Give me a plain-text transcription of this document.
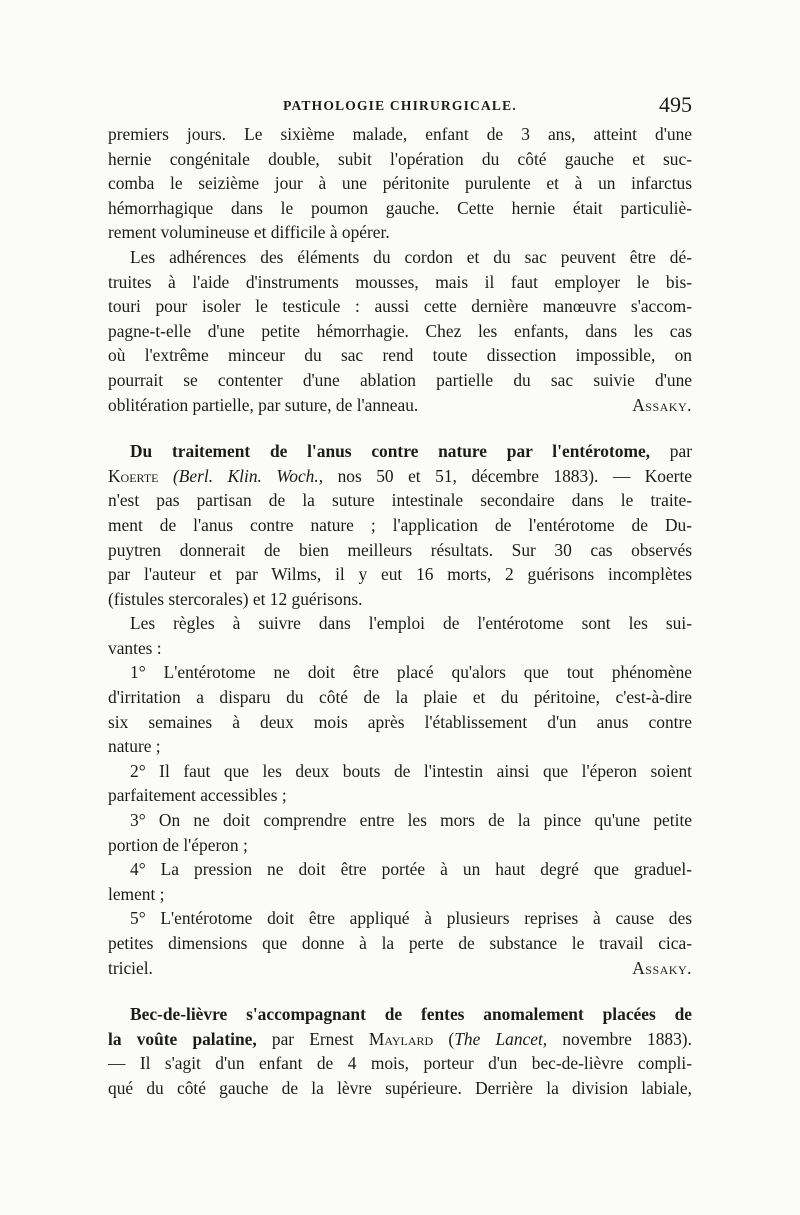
PATHOLOGIE CHIRURGICALE.	495
premiers jours. Le sixième malade, enfant de 3 ans, atteint d'une
hernie congénitale double, subit l'opération du côté gauche et suc-
comba le seizième jour à une péritonite purulente et à un infarctus
hémorrhagique dans le poumon gauche. Cette hernie était particuliè-
rement volumineuse et difficile à opérer.
Les adhérences des éléments du cordon et du sac peuvent être dé-
truites à l'aide d'instruments mousses, mais il faut employer le bis-
touri pour isoler le testicule : aussi cette dernière manœuvre s'accom-
pagne-t-elle d'une petite hémorrhagie. Chez les enfants, dans les cas
où l'extrême minceur du sac rend toute dissection impossible, on
pourrait se contenter d'une ablation partielle du sac suivie d'une
oblitération partielle, par suture, de l'anneau.	Assaky.
Du traitement de l'anus contre nature par l'entérotome, par
Koerte (Berl. Klin. Woch., nos 50 et 51, décembre 1883). — Koerte
n'est pas partisan de la suture intestinale secondaire dans le traite-
ment de l'anus contre nature ; l'application de l'entérotome de Du-
puytren donnerait de bien meilleurs résultats. Sur 30 cas observés
par l'auteur et par Wilms, il y eut 16 morts, 2 guérisons incomplètes
(fistules stercorales) et 12 guérisons.
Les règles à suivre dans l'emploi de l'entérotome sont les sui-
vantes :
1° L'entérotome ne doit être placé qu'alors que tout phénomène
d'irritation a disparu du côté de la plaie et du péritoine, c'est-à-dire
six semaines à deux mois après l'établissement d'un anus contre
nature ;
2° Il faut que les deux bouts de l'intestin ainsi que l'éperon soient
parfaitement accessibles ;
3° On ne doit comprendre entre les mors de la pince qu'une petite
portion de l'éperon ;
4° La pression ne doit être portée à un haut degré que graduel-
lement ;
5° L'entérotome doit être appliqué à plusieurs reprises à cause des
petites dimensions que donne à la perte de substance le travail cica-
triciel.	Assaky.
Bec-de-lièvre s'accompagnant de fentes anomalement placées de
la voûte palatine, par Ernest Maylard (The Lancet, novembre 1883).
— Il s'agit d'un enfant de 4 mois, porteur d'un bec-de-lièvre compli-
qué du côté gauche de la lèvre supérieure. Derrière la division labiale,
